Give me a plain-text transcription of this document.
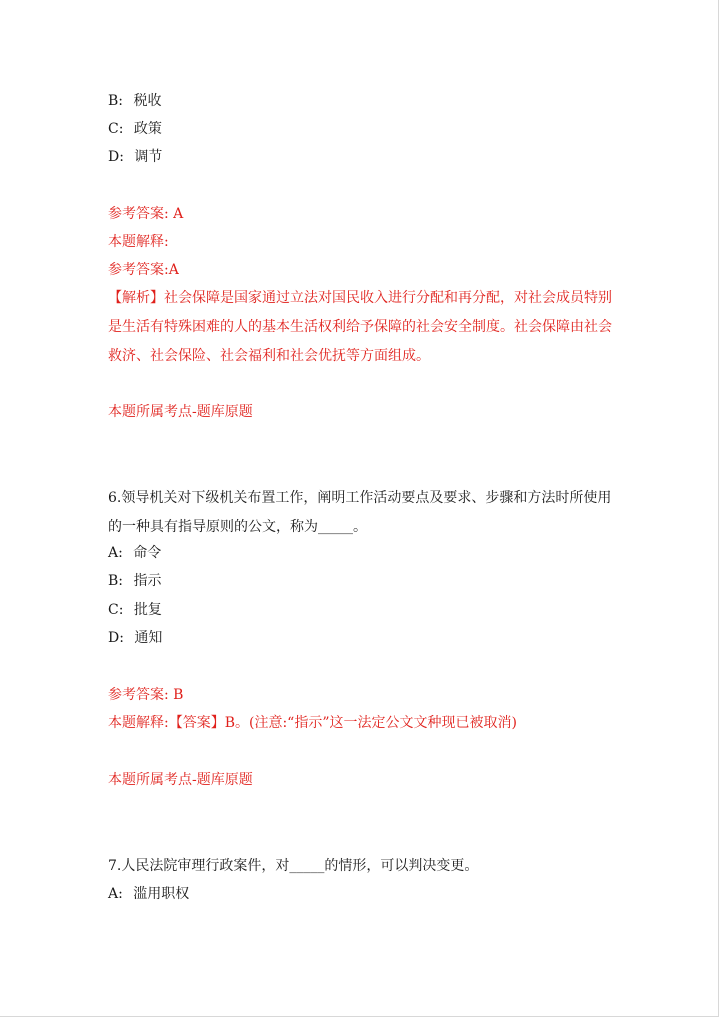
B: 税收
C: 政策
D: 调节
参考答案: A
本题解释:
参考答案:A
【解析】社会保障是国家通过立法对国民收入进行分配和再分配，对社会成员特别是生活有特殊困难的人的基本生活权利给予保障的社会安全制度。社会保障由社会救济、社会保险、社会福利和社会优抚等方面组成。
本题所属考点-题库原题
6.领导机关对下级机关布置工作，阐明工作活动要点及要求、步骤和方法时所使用的一种具有指导原则的公文，称为_____。
A: 命令
B: 指示
C: 批复
D: 通知
参考答案: B
本题解释:【答案】B。(注意:“指示”这一法定公文文种现已被取消)
本题所属考点-题库原题
7.人民法院审理行政案件，对_____的情形，可以判决变更。
A: 滥用职权
